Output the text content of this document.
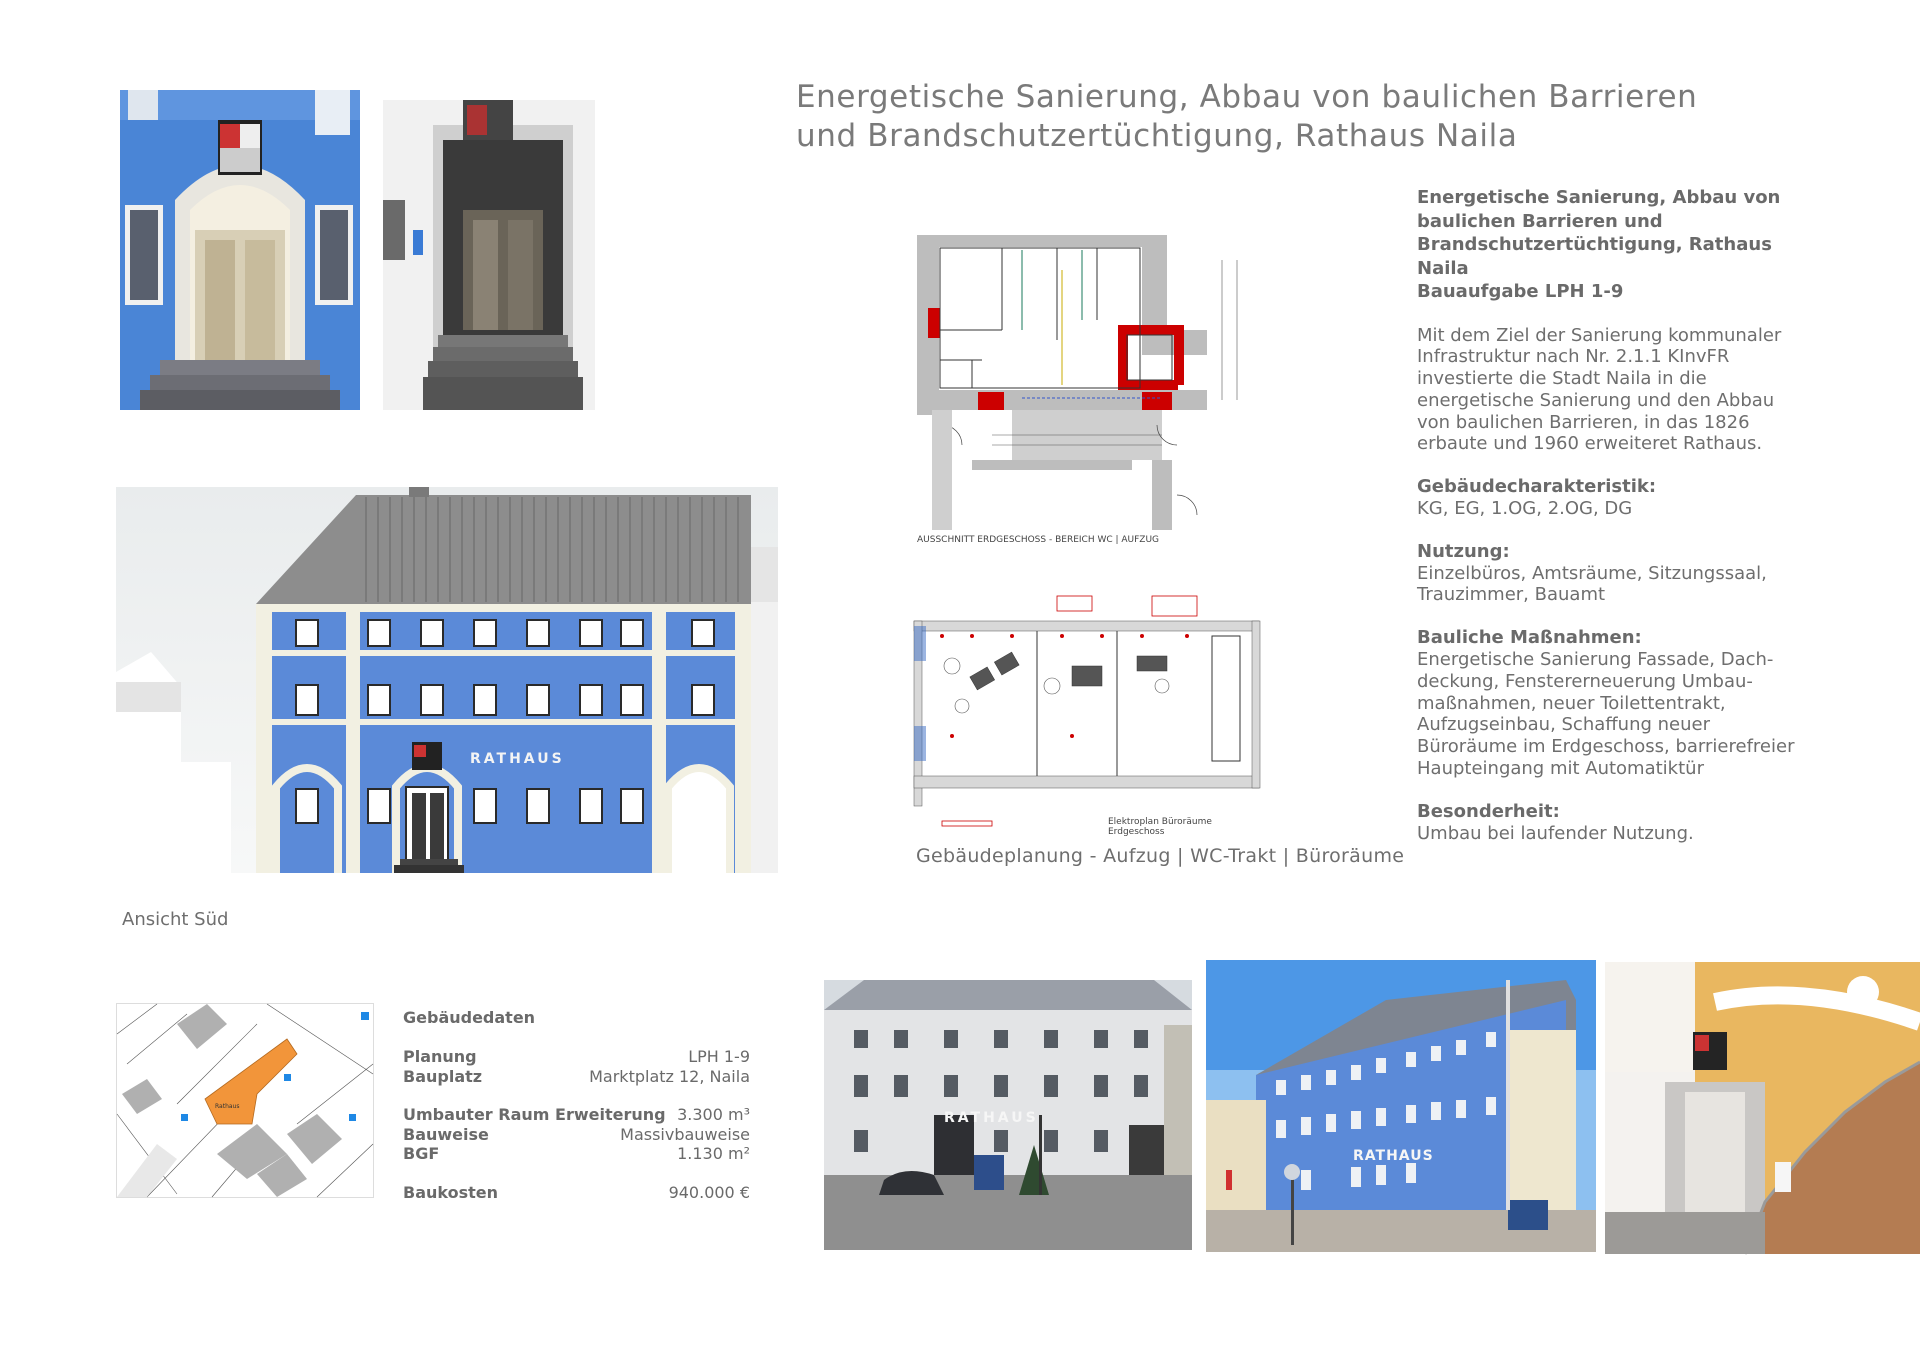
Energetische Sanierung, Abbau von baulichen Barrieren
und Brandschutzertüchtigung, Rathaus Naila
RATHAUS
Ansicht Süd
AUSSCHNITT ERDGESCHOSS - BEREICH WC | AUFZUG
Elektroplan Büroräume Erdgeschoss
Gebäudeplanung - Aufzug | WC-Trakt | Büroräume

Energetische Sanierung, Abbau von
baulichen Barrieren und
Brandschutzertüchtigung, Rathaus Naila
Bauaufgabe LPH 1-9

Mit dem Ziel der Sanierung kommunaler Infrastruktur nach Nr. 2.1.1 KInvFR investierte die Stadt Naila in die energetische Sanierung und den Abbau von baulichen Barrieren, in das 1826 erbaute und 1960 erweiteret Rathaus.

Gebäudecharakteristik:
KG, EG, 1.OG, 2.OG, DG

Nutzung:
Einzelbüros, Amtsräume, Sitzungssaal, Trauzimmer, Bauamt

Bauliche Maßnahmen:
Energetische Sanierung Fassade, Dach-deckung, Fenstererneuerung Umbau-maßnahmen, neuer Toilettentrakt, Aufzugseinbau, Schaffung neuer Büroräume im Erdgeschoss, barrierefreier Haupteingang mit Automatiktür

Besonderheit:
Umbau bei laufender Nutzung.

Rathaus
Gebäudedaten
Planung	LPH 1-9
Bauplatz	Marktplatz 12, Naila
Umbauter Raum Erweiterung 3.300 m³
Bauweise	Massivbauweise
BGF	1.130 m²
Baukosten	940.000 €
RATHAUS
RATHAUS
